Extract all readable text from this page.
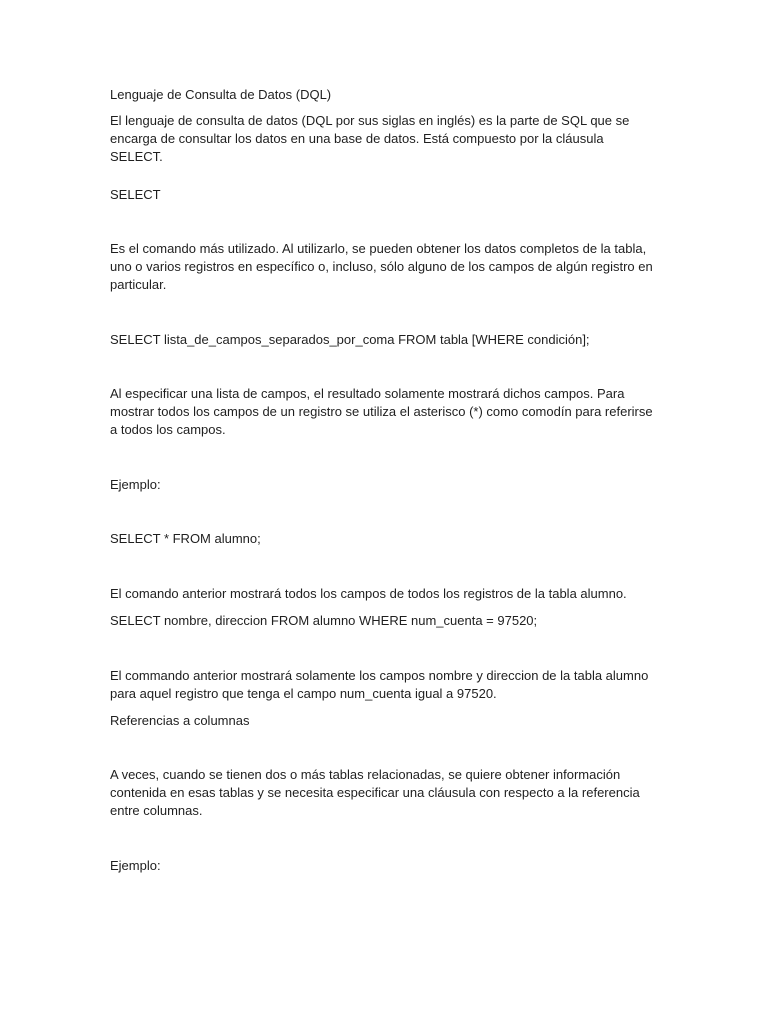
Lenguaje de Consulta de Datos (DQL)

El lenguaje de consulta de datos (DQL por sus siglas en inglés) es la parte de SQL que se encarga de consultar los datos en una base de datos. Está compuesto por la cláusula SELECT.

SELECT

Es el comando más utilizado. Al utilizarlo, se pueden obtener los datos completos de la tabla, uno o varios registros en específico o, incluso, sólo alguno de los campos de algún registro en particular.

SELECT lista_de_campos_separados_por_coma FROM tabla [WHERE condición];

Al especificar una lista de campos, el resultado solamente mostrará dichos campos. Para mostrar todos los campos de un registro se utiliza el asterisco (*) como comodín para referirse a todos los campos.

Ejemplo:

SELECT * FROM alumno;

El comando anterior mostrará todos los campos de todos los registros de la tabla alumno.

SELECT nombre, direccion FROM alumno WHERE num_cuenta = 97520;

El commando anterior mostrará solamente los campos nombre y direccion de la tabla alumno para aquel registro que tenga el campo num_cuenta igual a 97520.

Referencias a columnas

A veces, cuando se tienen dos o más tablas relacionadas, se quiere obtener información contenida en esas tablas y se necesita especificar una cláusula con respecto a la referencia entre columnas.

Ejemplo:
